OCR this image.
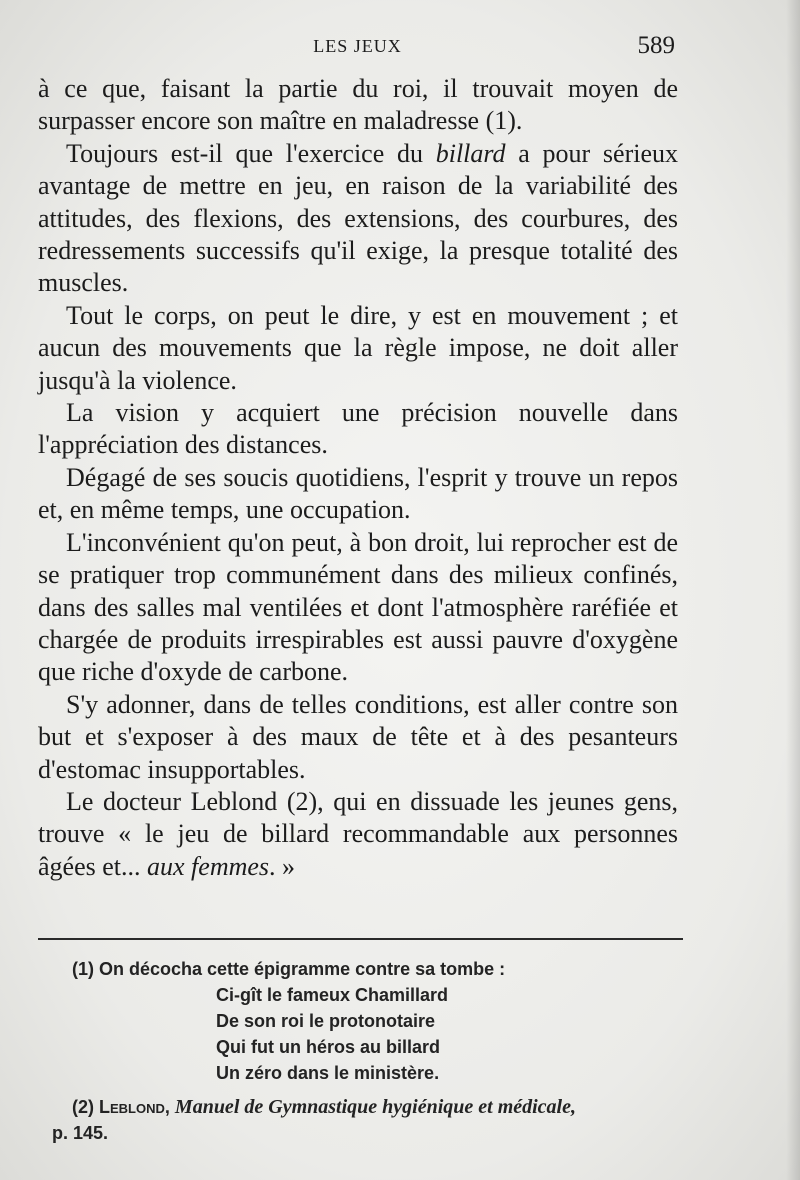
LES JEUX	589

à ce que, faisant la partie du roi, il trouvait moyen de surpasser encore son maître en maladresse (1).

Toujours est-il que l'exercice du billard a pour sérieux avantage de mettre en jeu, en raison de la variabilité des attitudes, des flexions, des extensions, des courbures, des redressements successifs qu'il exige, la presque totalité des muscles.

Tout le corps, on peut le dire, y est en mouvement ; et aucun des mouvements que la règle impose, ne doit aller jusqu'à la violence.

La vision y acquiert une précision nouvelle dans l'appréciation des distances.

Dégagé de ses soucis quotidiens, l'esprit y trouve un repos et, en même temps, une occupation.

L'inconvénient qu'on peut, à bon droit, lui reprocher est de se pratiquer trop communément dans des milieux confinés, dans des salles mal ventilées et dont l'atmosphère raréfiée et chargée de produits irrespirables est aussi pauvre d'oxygène que riche d'oxyde de carbone.

S'y adonner, dans de telles conditions, est aller contre son but et s'exposer à des maux de tête et à des pesanteurs d'estomac insupportables.

Le docteur Leblond (2), qui en dissuade les jeunes gens, trouve « le jeu de billard recommandable aux personnes âgées et... aux femmes. »

(1) On décocha cette épigramme contre sa tombe :

Ci-gît le fameux Chamillard
De son roi le protonotaire
Qui fut un héros au billard
Un zéro dans le ministère.

(2) Leblond, Manuel de Gymnastique hygiénique et médicale,

p. 145.
